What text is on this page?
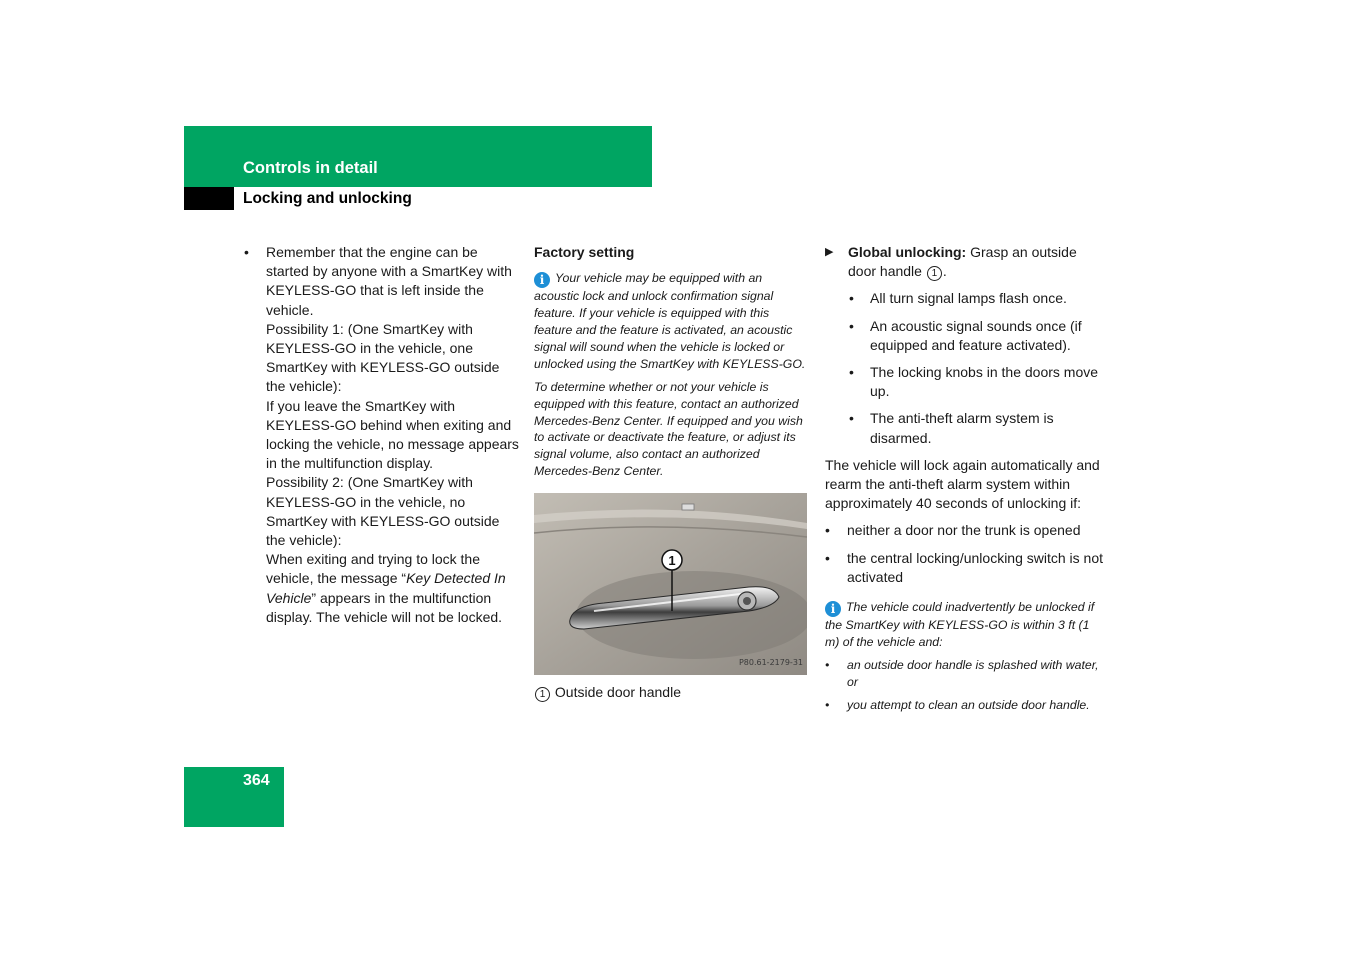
Controls in detail
Locking and unlocking
• Remember that the engine can be started by anyone with a SmartKey with KEYLESS-GO that is left inside the vehicle.

Possibility 1: (One SmartKey with KEYLESS-GO in the vehicle, one SmartKey with KEYLESS-GO outside the vehicle):

If you leave the SmartKey with KEYLESS-GO behind when exiting and locking the vehicle, no message appears in the multifunction display.

Possibility 2: (One SmartKey with KEYLESS-GO in the vehicle, no SmartKey with KEYLESS-GO outside the vehicle):

When exiting and trying to lock the vehicle, the message “Key Detected In Vehicle” appears in the multifunction display. The vehicle will not be locked.

Factory setting

i Your vehicle may be equipped with an acoustic lock and unlock confirmation signal feature. If your vehicle is equipped with this feature and the feature is activated, an acoustic signal will sound when the vehicle is locked or unlocked using the SmartKey with KEYLESS-GO.

To determine whether or not your vehicle is equipped with this feature, contact an authorized Mercedes-Benz Center. If equipped and you wish to activate or deactivate the feature, or adjust its signal volume, also contact an authorized Mercedes-Benz Center.

1
P80.61-2179-31

1 Outside door handle

▶ Global unlocking: Grasp an outside door handle 1 .

• All turn signal lamps flash once.

• An acoustic signal sounds once (if equipped and feature activated).

• The locking knobs in the doors move up.

• The anti-theft alarm system is disarmed.

The vehicle will lock again automatically and rearm the anti-theft alarm system within approximately 40 seconds of unlocking if:

• neither a door nor the trunk is opened

• the central locking/unlocking switch is not activated

i The vehicle could inadvertently be unlocked if the SmartKey with KEYLESS-GO is within 3 ft (1 m) of the vehicle and:

• an outside door handle is splashed with water, or

• you attempt to clean an outside door handle.

364
